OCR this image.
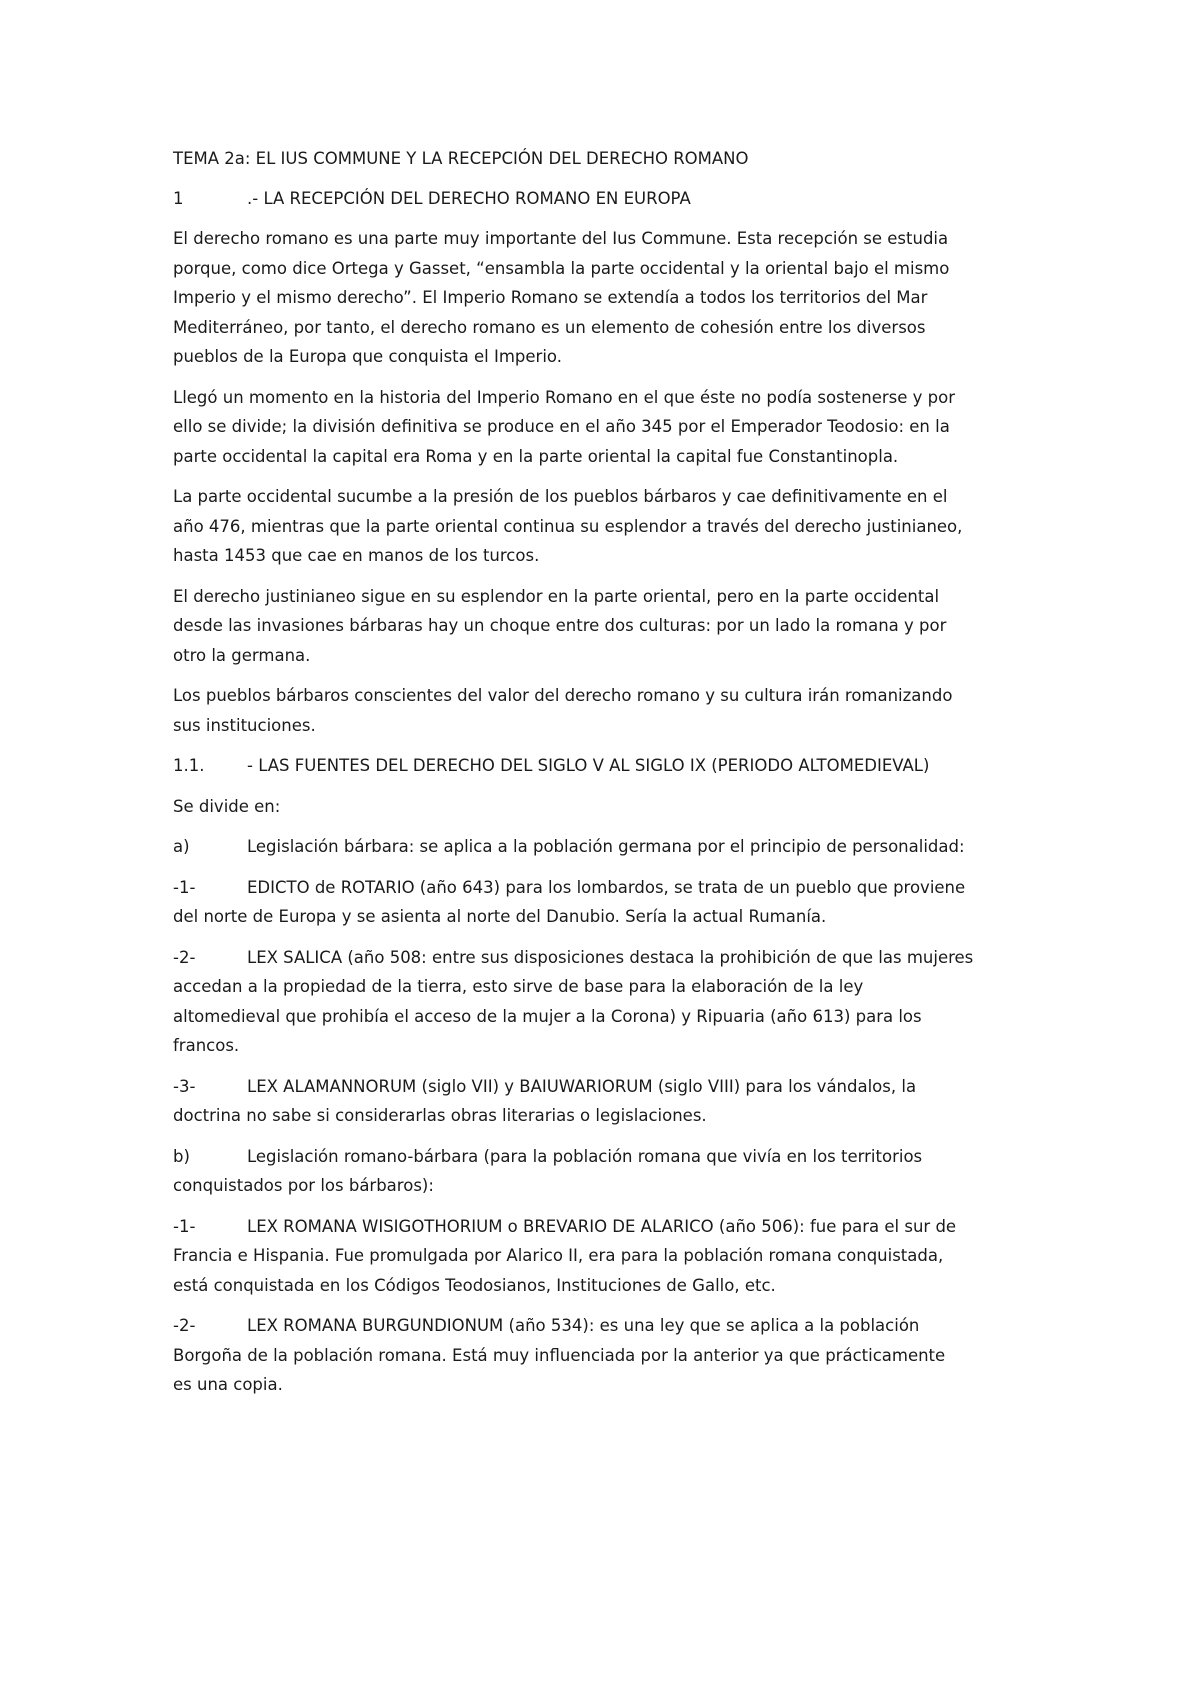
TEMA 2a: EL IUS COMMUNE Y LA RECEPCIÓN DEL DERECHO ROMANO

1	.- LA RECEPCIÓN DEL DERECHO ROMANO EN EUROPA

El derecho romano es una parte muy importante del Ius Commune. Esta recepción se estudia

porque, como dice Ortega y Gasset, “ensambla la parte occidental y la oriental bajo el mismo

Imperio y el mismo derecho”. El Imperio Romano se extendía a todos los territorios del Mar

Mediterráneo, por tanto, el derecho romano es un elemento de cohesión entre los diversos

pueblos de la Europa que conquista el Imperio.

Llegó un momento en la historia del Imperio Romano en el que éste no podía sostenerse y por

ello se divide; la división definitiva se produce en el año 345 por el Emperador Teodosio: en la

parte occidental la capital era Roma y en la parte oriental la capital fue Constantinopla.

La parte occidental sucumbe a la presión de los pueblos bárbaros y cae definitivamente en el

año 476, mientras que la parte oriental continua su esplendor a través del derecho justinianeo,

hasta 1453 que cae en manos de los turcos.

El derecho justinianeo sigue en su esplendor en la parte oriental, pero en la parte occidental

desde las invasiones bárbaras hay un choque entre dos culturas: por un lado la romana y por

otro la germana.

Los pueblos bárbaros conscientes del valor del derecho romano y su cultura irán romanizando

sus instituciones.

1.1.	- LAS FUENTES DEL DERECHO DEL SIGLO V AL SIGLO IX (PERIODO ALTOMEDIEVAL)

Se divide en:

a)	Legislación bárbara: se aplica a la población germana por el principio de personalidad:
-1-	EDICTO de ROTARIO (año 643) para los lombardos, se trata de un pueblo que proviene

del norte de Europa y se asienta al norte del Danubio. Sería la actual Rumanía.

-2-	LEX SALICA (año 508: entre sus disposiciones destaca la prohibición de que las mujeres

accedan a la propiedad de la tierra, esto sirve de base para la elaboración de la ley

altomedieval que prohibía el acceso de la mujer a la Corona) y Ripuaria (año 613) para los

francos.

-3-	LEX ALAMANNORUM (siglo VII) y BAIUWARIORUM (siglo VIII) para los vándalos, la

doctrina no sabe si considerarlas obras literarias o legislaciones.

b)	Legislación romano-bárbara (para la población romana que vivía en los territorios

conquistados por los bárbaros):

-1-	LEX ROMANA WISIGOTHORIUM o BREVARIO DE ALARICO (año 506): fue para el sur de

Francia e Hispania. Fue promulgada por Alarico II, era para la población romana conquistada,

está conquistada en los Códigos Teodosianos, Instituciones de Gallo, etc.

-2-	LEX ROMANA BURGUNDIONUM (año 534): es una ley que se aplica a la población

Borgoña de la población romana. Está muy influenciada por la anterior ya que prácticamente

es una copia.
